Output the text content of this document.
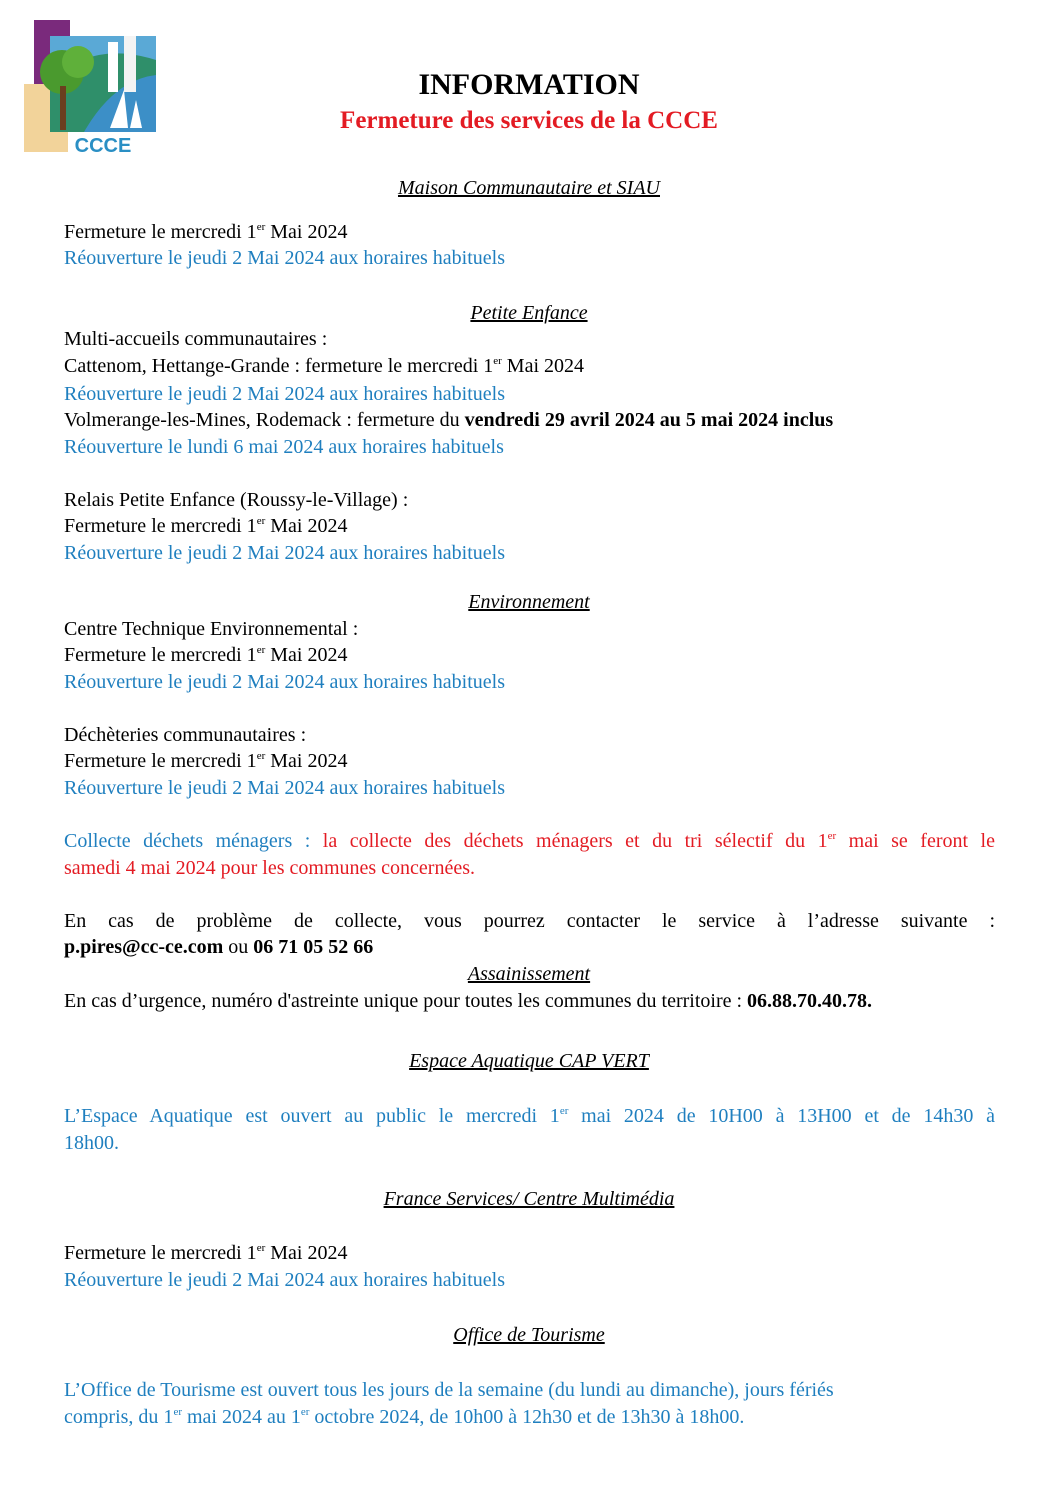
CCCE
INFORMATION
Fermeture des services de la CCCE
Maison Communautaire et SIAU
Fermeture le mercredi 1er Mai 2024
Réouverture le jeudi 2 Mai 2024 aux horaires habituels
Petite Enfance
Multi-accueils communautaires :
Cattenom, Hettange-Grande : fermeture le mercredi 1er Mai 2024
Réouverture le jeudi 2 Mai 2024 aux horaires habituels
Volmerange-les-Mines, Rodemack : fermeture du vendredi 29 avril 2024 au 5 mai 2024 inclus
Réouverture le lundi 6 mai 2024 aux horaires habituels
Relais Petite Enfance (Roussy-le-Village) :
Fermeture le mercredi 1er Mai 2024
Réouverture le jeudi 2 Mai 2024 aux horaires habituels
Environnement
Centre Technique Environnemental :
Fermeture le mercredi 1er Mai 2024
Réouverture le jeudi 2 Mai 2024 aux horaires habituels
Déchèteries communautaires :
Fermeture le mercredi 1er Mai 2024
Réouverture le jeudi 2 Mai 2024 aux horaires habituels
Collecte déchets ménagers : la collecte des déchets ménagers et du tri sélectif du 1er mai se feront le
samedi 4 mai 2024 pour les communes concernées.
En cas de problème de collecte, vous pourrez contacter le service à l’adresse suivante :
p.pires@cc-ce.com ou 06 71 05 52 66
Assainissement
En cas d’urgence, numéro d'astreinte unique pour toutes les communes du territoire : 06.88.70.40.78.
Espace Aquatique CAP VERT
L’Espace Aquatique est ouvert au public le mercredi 1er mai 2024 de 10H00 à 13H00 et de 14h30 à
18h00.
France Services/ Centre Multimédia
Fermeture le mercredi 1er Mai 2024
Réouverture le jeudi 2 Mai 2024 aux horaires habituels
Office de Tourisme
L’Office de Tourisme est ouvert tous les jours de la semaine (du lundi au dimanche), jours fériés
compris, du 1er mai 2024 au 1er octobre 2024, de 10h00 à 12h30 et de 13h30 à 18h00.
